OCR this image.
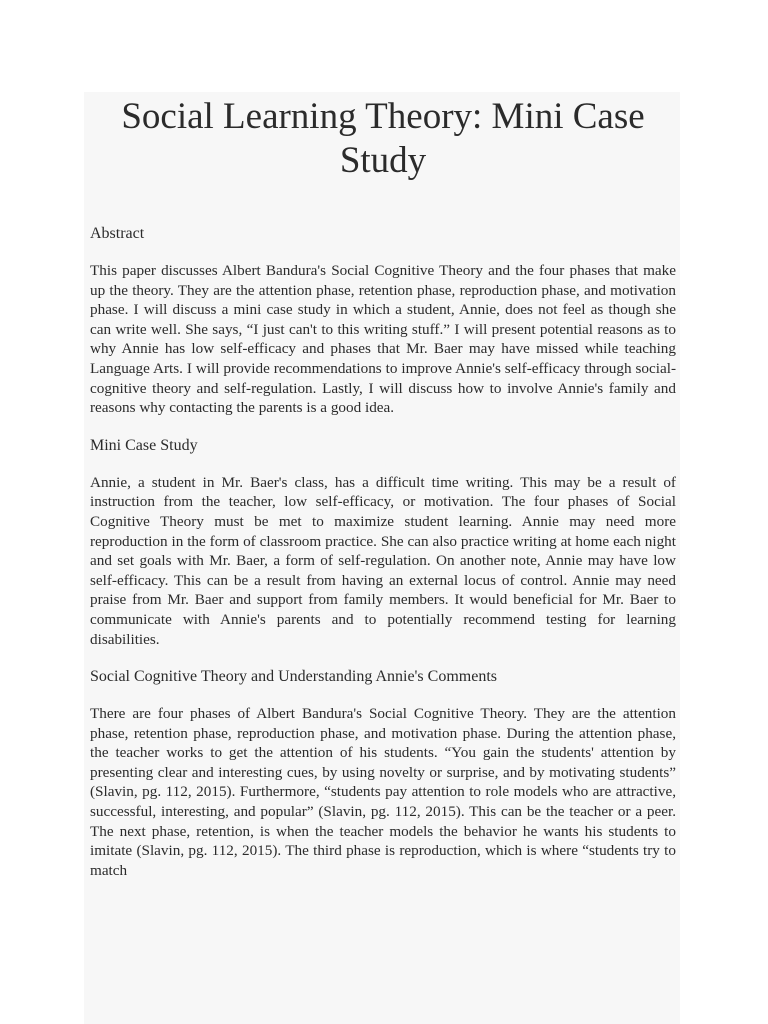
Social Learning Theory: Mini Case Study
Abstract

This paper discusses Albert Bandura's Social Cognitive Theory and the four phases that make up the theory. They are the attention phase, retention phase, reproduction phase, and motivation phase. I will discuss a mini case study in which a student, Annie, does not feel as though she can write well. She says, “I just can't to this writing stuff.” I will present potential reasons as to why Annie has low self-efficacy and phases that Mr. Baer may have missed while teaching Language Arts. I will provide recommendations to improve Annie's self-efficacy through social-cognitive theory and self-regulation. Lastly, I will discuss how to involve Annie's family and reasons why contacting the parents is a good idea.

Mini Case Study

Annie, a student in Mr. Baer's class, has a difficult time writing. This may be a result of instruction from the teacher, low self-efficacy, or motivation. The four phases of Social Cognitive Theory must be met to maximize student learning. Annie may need more reproduction in the form of classroom practice. She can also practice writing at home each night and set goals with Mr. Baer, a form of self-regulation. On another note, Annie may have low self-efficacy. This can be a result from having an external locus of control. Annie may need praise from Mr. Baer and support from family members. It would beneficial for Mr. Baer to communicate with Annie's parents and to potentially recommend testing for learning disabilities.

Social Cognitive Theory and Understanding Annie's Comments

There are four phases of Albert Bandura's Social Cognitive Theory. They are the attention phase, retention phase, reproduction phase, and motivation phase. During the attention phase, the teacher works to get the attention of his students. “You gain the students' attention by presenting clear and interesting cues, by using novelty or surprise, and by motivating students” (Slavin, pg. 112, 2015). Furthermore, “students pay attention to role models who are attractive, successful, interesting, and popular” (Slavin, pg. 112, 2015). This can be the teacher or a peer. The next phase, retention, is when the teacher models the behavior he wants his students to imitate (Slavin, pg. 112, 2015). The third phase is reproduction, which is where “students try to match
